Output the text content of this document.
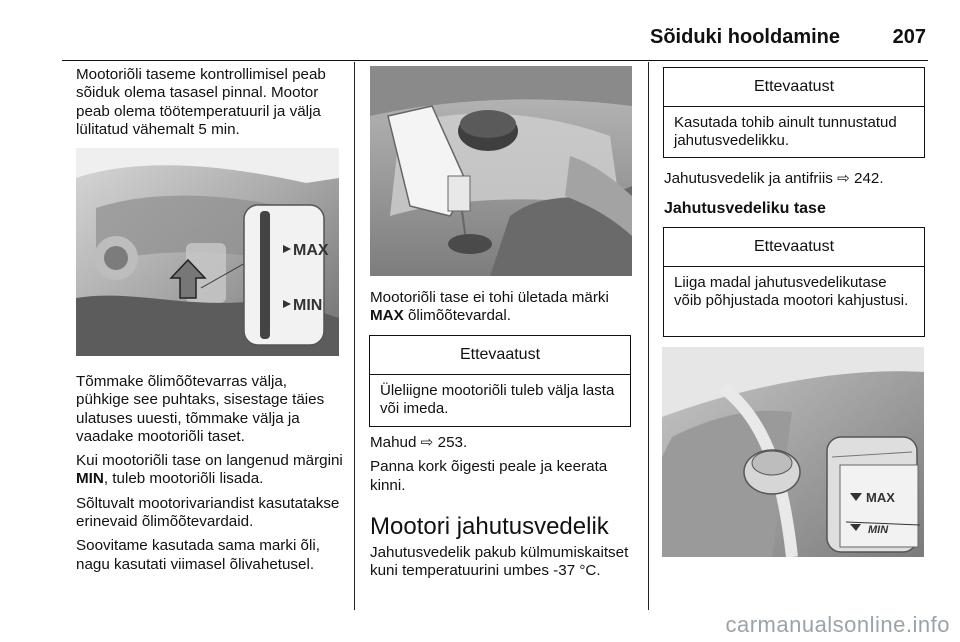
Sõiduki hooldamine	207

Mootoriõli taseme kontrollimisel peab sõiduk olema tasasel pinnal. Mootor peab olema töötemperatuuril ja välja lülitatud vähemalt 5 min.

MAX
MIN

Tõmmake õlimõõtevarras välja, pühkige see puhtaks, sisestage täies ulatuses uuesti, tõmmake välja ja vaadake mootoriõli taset.

Kui mootoriõli tase on langenud märgini MIN, tuleb mootoriõli lisada.

Sõltuvalt mootorivariandist kasutatakse erinevaid õlimõõtevardaid.

Soovitame kasutada sama marki õli, nagu kasutati viimasel õlivahetusel.

Mootoriõli tase ei tohi ületada märki MAX õlimõõtevardal.

Ettevaatust
Üleliigne mootoriõli tuleb välja lasta või imeda.

Mahud ⇨ 253.

Panna kork õigesti peale ja keerata kinni.

Mootori jahutusvedelik

Jahutusvedelik pakub külmumiskaitset kuni temperatuurini umbes -37 °C.

Ettevaatust
Kasutada tohib ainult tunnustatud jahutusvedelikku.

Jahutusvedelik ja antifriis ⇨ 242.

Jahutusvedeliku tase

Ettevaatust
Liiga madal jahutusvedelikutase võib põhjustada mootori kahjustusi.
MAX
MIN
carmanualsonline.info
